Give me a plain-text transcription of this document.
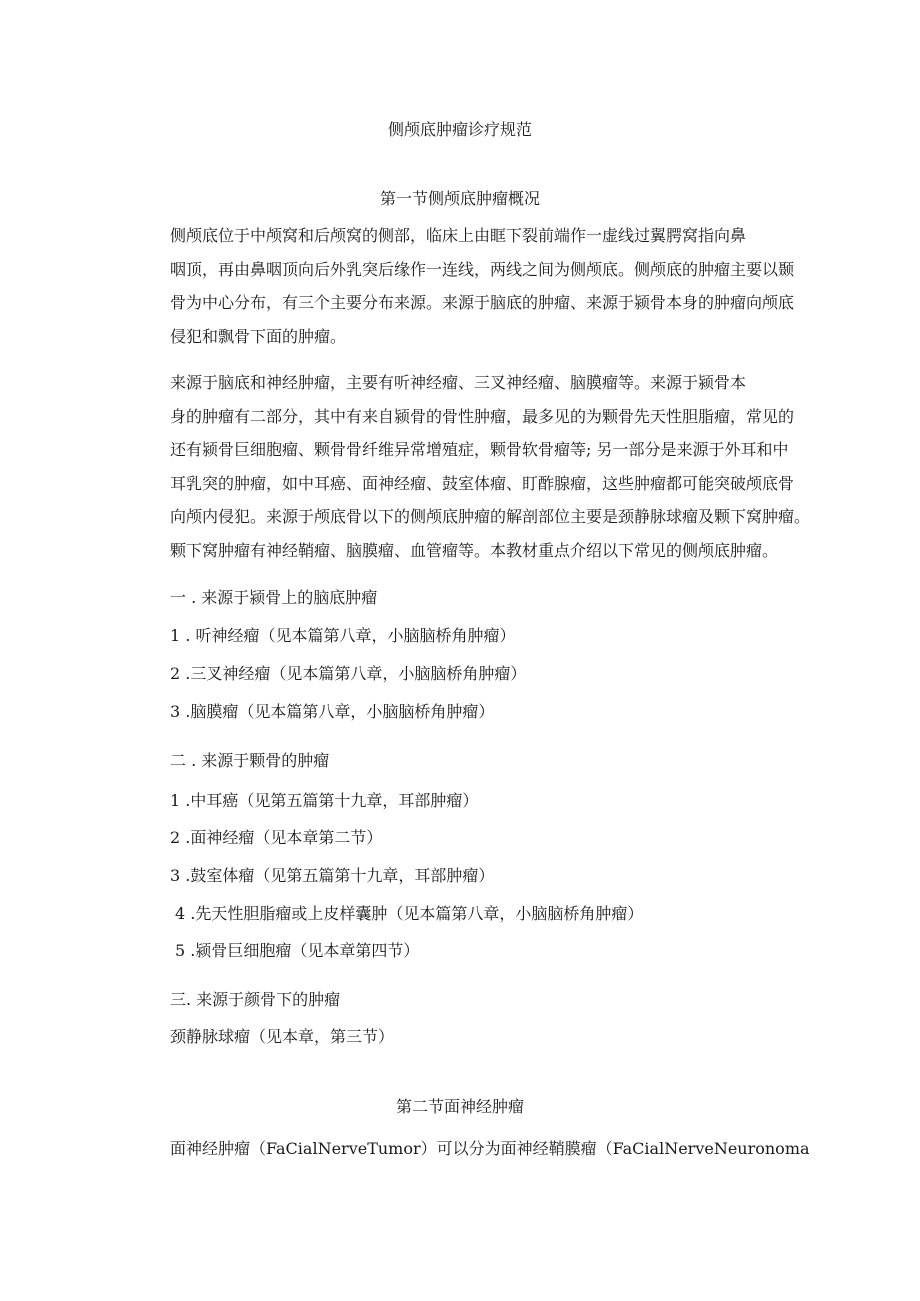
侧颅底肿瘤诊疗规范
第一节侧颅底肿瘤概况
侧颅底位于中颅窝和后颅窝的侧部，临床上由眶下裂前端作一虚线过翼腭窝指向鼻
咽顶，再由鼻咽顶向后外乳突后缘作一连线，两线之间为侧颅底。侧颅底的肿瘤主要以颞
骨为中心分布，有三个主要分布来源。来源于脑底的肿瘤、来源于颍骨本身的肿瘤向颅底
侵犯和飘骨下面的肿瘤。
来源于脑底和神经肿瘤，主要有听神经瘤、三叉神经瘤、脑膜瘤等。来源于颍骨本
身的肿瘤有二部分，其中有来自颍骨的骨性肿瘤，最多见的为颗骨先天性胆脂瘤，常见的
还有颍骨巨细胞瘤、颗骨骨纤维异常增殖症，颗骨软骨瘤等; 另一部分是来源于外耳和中
耳乳突的肿瘤，如中耳癌、面神经瘤、鼓室体瘤、盯酢腺瘤，这些肿瘤都可能突破颅底骨
向颅内侵犯。来源于颅底骨以下的侧颅底肿瘤的解剖部位主要是颈静脉球瘤及颗下窝肿瘤。
颗下窝肿瘤有神经鞘瘤、脑膜瘤、血管瘤等。本教材重点介绍以下常见的侧颅底肿瘤。
一 . 来源于颍骨上的脑底肿瘤
1 . 听神经瘤（见本篇第八章，小脑脑桥角肿瘤）
2 .三叉神经瘤（见本篇第八章，小脑脑桥角肿瘤）
3 .脑膜瘤（见本篇第八章，小脑脑桥角肿瘤）
二 . 来源于颗骨的肿瘤
1 .中耳癌（见第五篇第十九章，耳部肿瘤）
2 .面神经瘤（见本章第二节）
3 .鼓室体瘤（见第五篇第十九章，耳部肿瘤）
4 .先天性胆脂瘤或上皮样囊肿（见本篇第八章，小脑脑桥角肿瘤）
5 .颍骨巨细胞瘤（见本章第四节）
三. 来源于颜骨下的肿瘤
颈静脉球瘤（见本章，第三节）
第二节面神经肿瘤
面神经肿瘤（FaCialNerveTumor）可以分为面神经鞘膜瘤（FaCialNerveNeuronoma
